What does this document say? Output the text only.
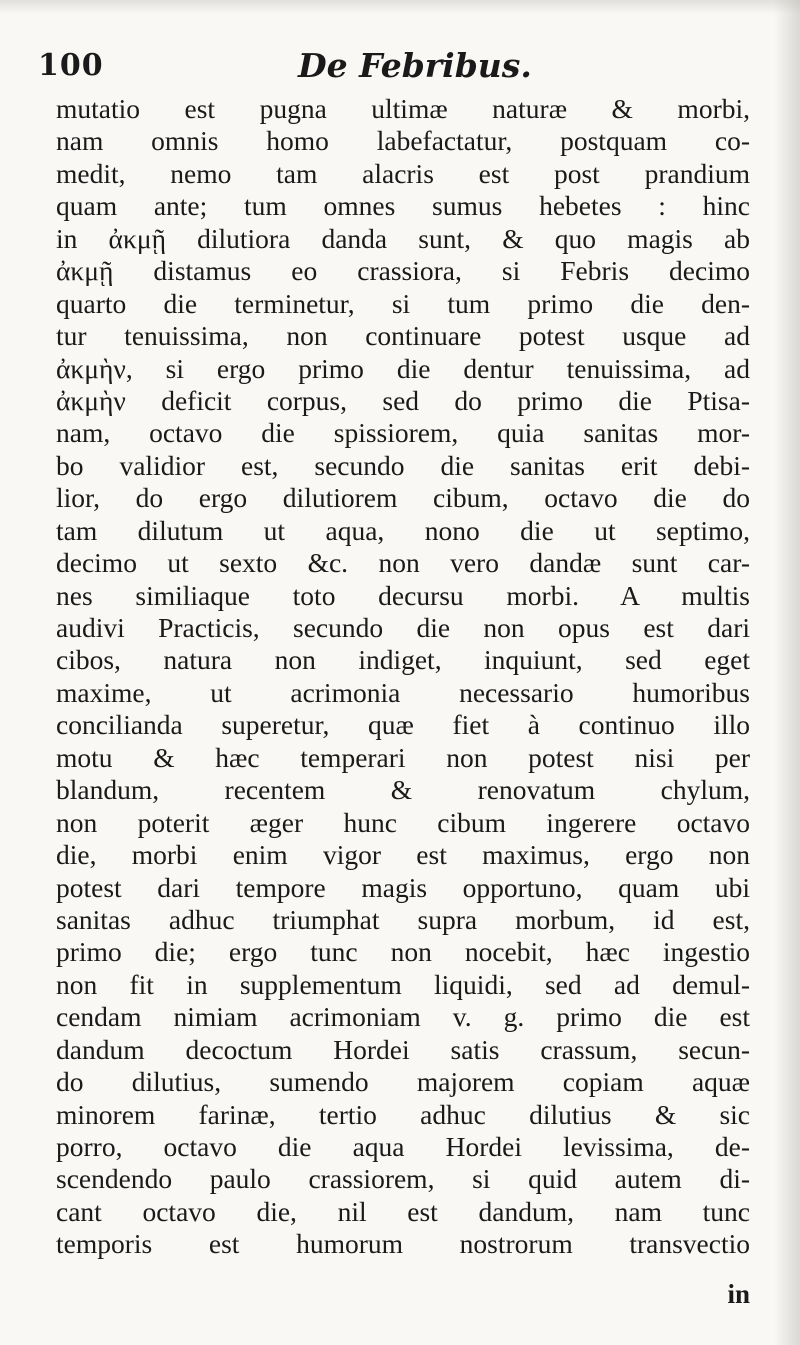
100	De Febribus.
mutatio est pugna ultimæ naturæ & morbi,
nam omnis homo labefactatur, postquam co-
medit, nemo tam alacris est post prandium
quam ante; tum omnes sumus hebetes : hinc
in ἀκμῇ dilutiora danda sunt, & quo magis ab
ἀκμῇ distamus eo crassiora, si Febris decimo
quarto die terminetur, si tum primo die den-
tur tenuissima, non continuare potest usque ad
ἀκμὴν, si ergo primo die dentur tenuissima, ad
ἀκμὴν deficit corpus, sed do primo die Ptisa-
nam, octavo die spissiorem, quia sanitas mor-
bo validior est, secundo die sanitas erit debi-
lior, do ergo dilutiorem cibum, octavo die do
tam dilutum ut aqua, nono die ut septimo,
decimo ut sexto &c. non vero dandæ sunt car-
nes similiaque toto decursu morbi. A multis
audivi Practicis, secundo die non opus est dari
cibos, natura non indiget, inquiunt, sed eget
maxime, ut acrimonia necessario humoribus
concilianda superetur, quæ fiet à continuo illo
motu & hæc temperari non potest nisi per
blandum, recentem & renovatum chylum,
non poterit æger hunc cibum ingerere octavo
die, morbi enim vigor est maximus, ergo non
potest dari tempore magis opportuno, quam ubi
sanitas adhuc triumphat supra morbum, id est,
primo die; ergo tunc non nocebit, hæc ingestio
non fit in supplementum liquidi, sed ad demul-
cendam nimiam acrimoniam v. g. primo die est
dandum decoctum Hordei satis crassum, secun-
do dilutius, sumendo majorem copiam aquæ
minorem farinæ, tertio adhuc dilutius & sic
porro, octavo die aqua Hordei levissima, de-
scendendo paulo crassiorem, si quid autem di-
cant octavo die, nil est dandum, nam tunc
temporis est humorum nostrorum transvectio
in
